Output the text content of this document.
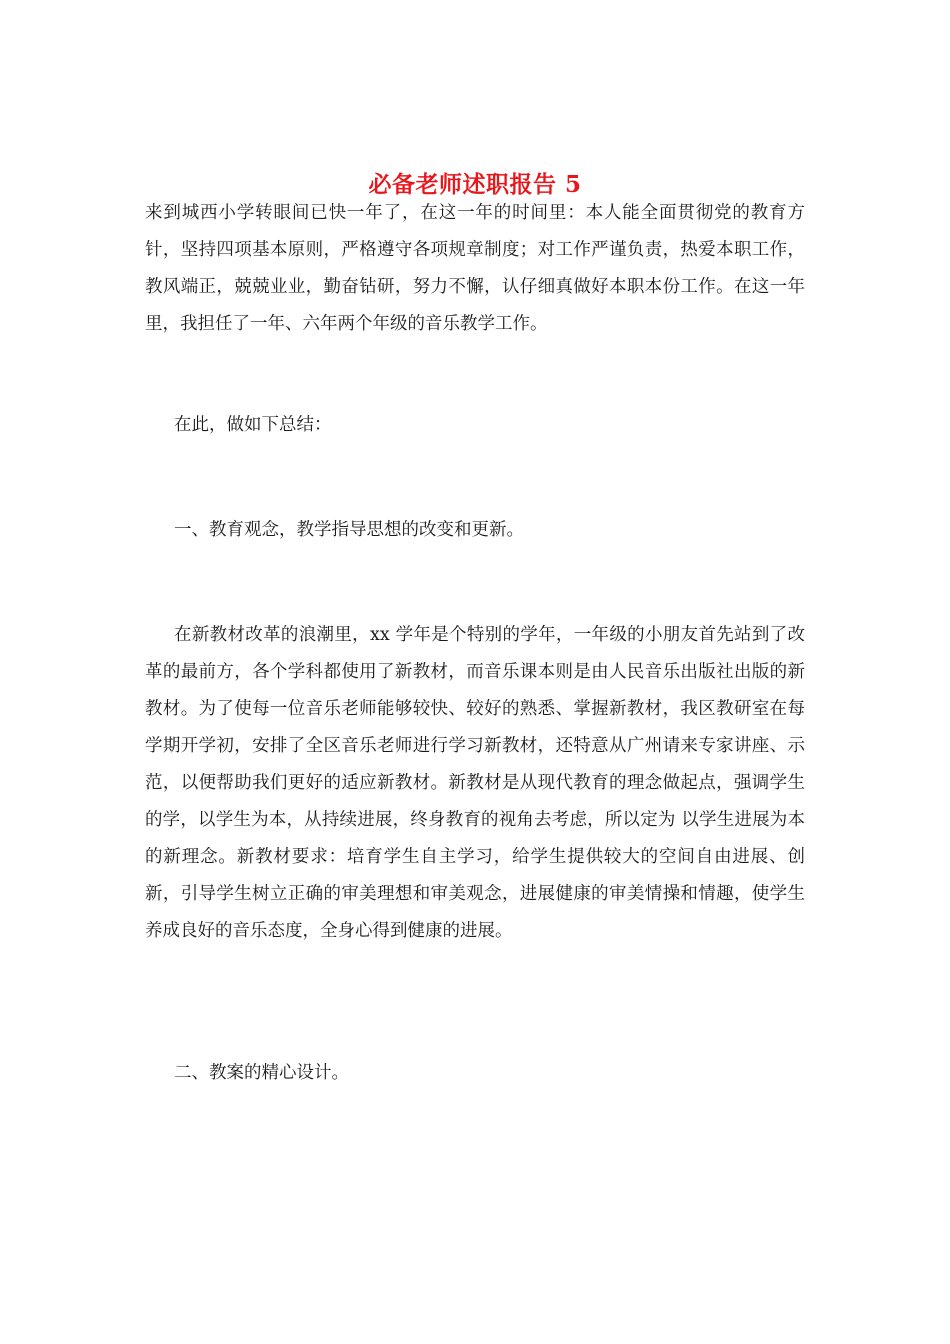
必备老师述职报告 5

来到城西小学转眼间已快一年了，在这一年的时间里：本人能全面贯彻党的教育方针，坚持四项基本原则，严格遵守各项规章制度；对工作严谨负责，热爱本职工作，教风端正，兢兢业业，勤奋钻研，努力不懈，认仔细真做好本职本份工作。在这一年里，我担任了一年、六年两个年级的音乐教学工作。

在此，做如下总结：

一、教育观念，教学指导思想的改变和更新。

在新教材改革的浪潮里，xx 学年是个特别的学年，一年级的小朋友首先站到了改革的最前方，各个学科都使用了新教材，而音乐课本则是由人民音乐出版社出版的新教材。为了使每一位音乐老师能够较快、较好的熟悉、掌握新教材，我区教研室在每学期开学初，安排了全区音乐老师进行学习新教材，还特意从广州请来专家讲座、示范，以便帮助我们更好的适应新教材。新教材是从现代教育的理念做起点，强调学生的学，以学生为本，从持续进展，终身教育的视角去考虑，所以定为 以学生进展为本 的新理念。新教材要求：培育学生自主学习，给学生提供较大的空间自由进展、创新，引导学生树立正确的审美理想和审美观念，进展健康的审美情操和情趣，使学生养成良好的音乐态度，全身心得到健康的进展。

二、教案的精心设计。
